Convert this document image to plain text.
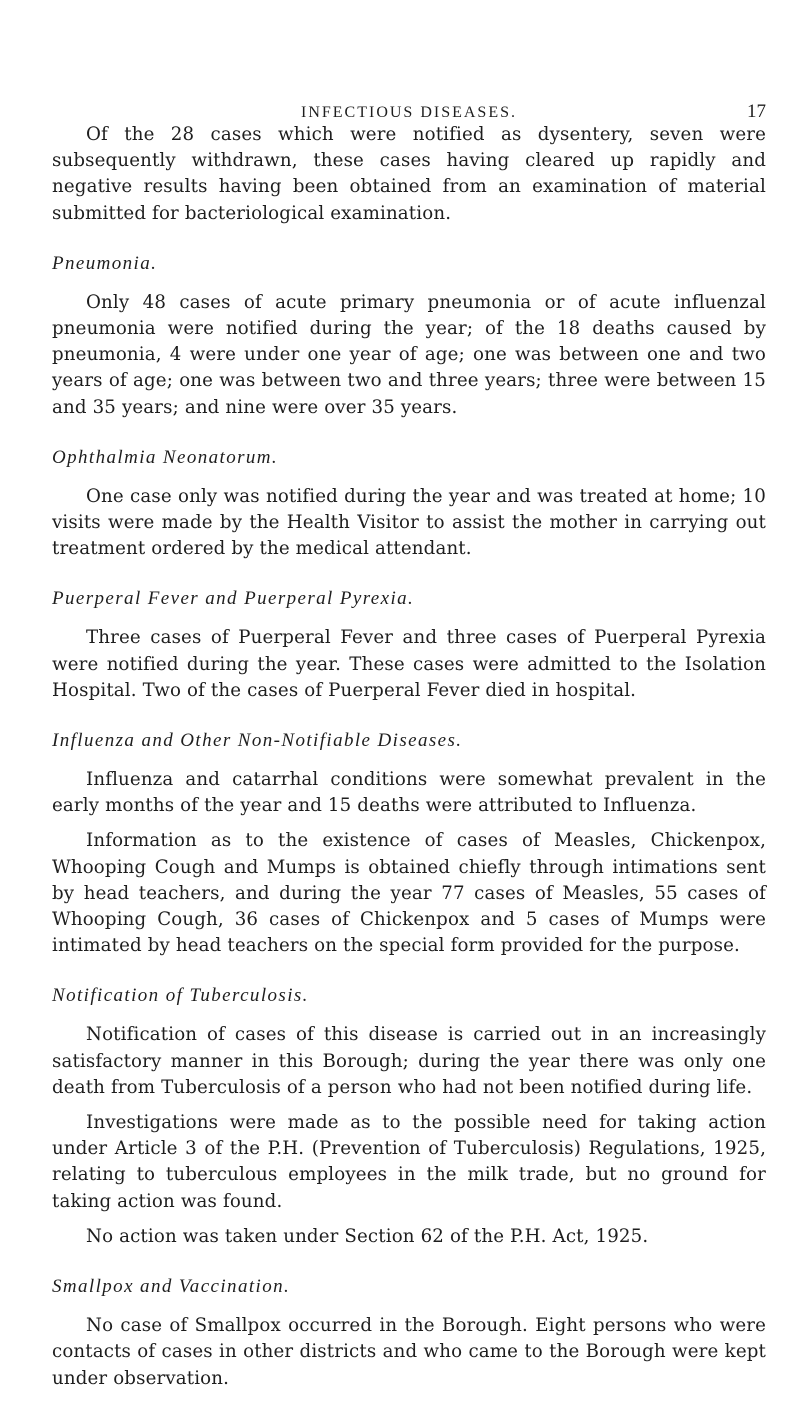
INFECTIOUS DISEASES.	17

Of the 28 cases which were notified as dysentery, seven were subsequently withdrawn, these cases having cleared up rapidly and negative results having been obtained from an examination of material submitted for bacteriological examination.

Pneumonia.

Only 48 cases of acute primary pneumonia or of acute influenzal pneumonia were notified during the year; of the 18 deaths caused by pneumonia, 4 were under one year of age; one was between one and two years of age; one was between two and three years; three were between 15 and 35 years; and nine were over 35 years.

Ophthalmia Neonatorum.

One case only was notified during the year and was treated at home; 10 visits were made by the Health Visitor to assist the mother in carrying out treatment ordered by the medical attendant.

Puerperal Fever and Puerperal Pyrexia.

Three cases of Puerperal Fever and three cases of Puerperal Pyrexia were notified during the year. These cases were admitted to the Isolation Hospital. Two of the cases of Puerperal Fever died in hospital.

Influenza and Other Non-Notifiable Diseases.

Influenza and catarrhal conditions were somewhat prevalent in the early months of the year and 15 deaths were attributed to Influenza.

Information as to the existence of cases of Measles, Chickenpox, Whooping Cough and Mumps is obtained chiefly through intimations sent by head teachers, and during the year 77 cases of Measles, 55 cases of Whooping Cough, 36 cases of Chickenpox and 5 cases of Mumps were intimated by head teachers on the special form provided for the purpose.

Notification of Tuberculosis.

Notification of cases of this disease is carried out in an increasingly satisfactory manner in this Borough; during the year there was only one death from Tuberculosis of a person who had not been notified during life.

Investigations were made as to the possible need for taking action under Article 3 of the P.H. (Prevention of Tuberculosis) Regulations, 1925, relating to tuberculous employees in the milk trade, but no ground for taking action was found.

No action was taken under Section 62 of the P.H. Act, 1925.

Smallpox and Vaccination.

No case of Smallpox occurred in the Borough. Eight persons who were contacts of cases in other districts and who came to the Borough were kept under observation.
